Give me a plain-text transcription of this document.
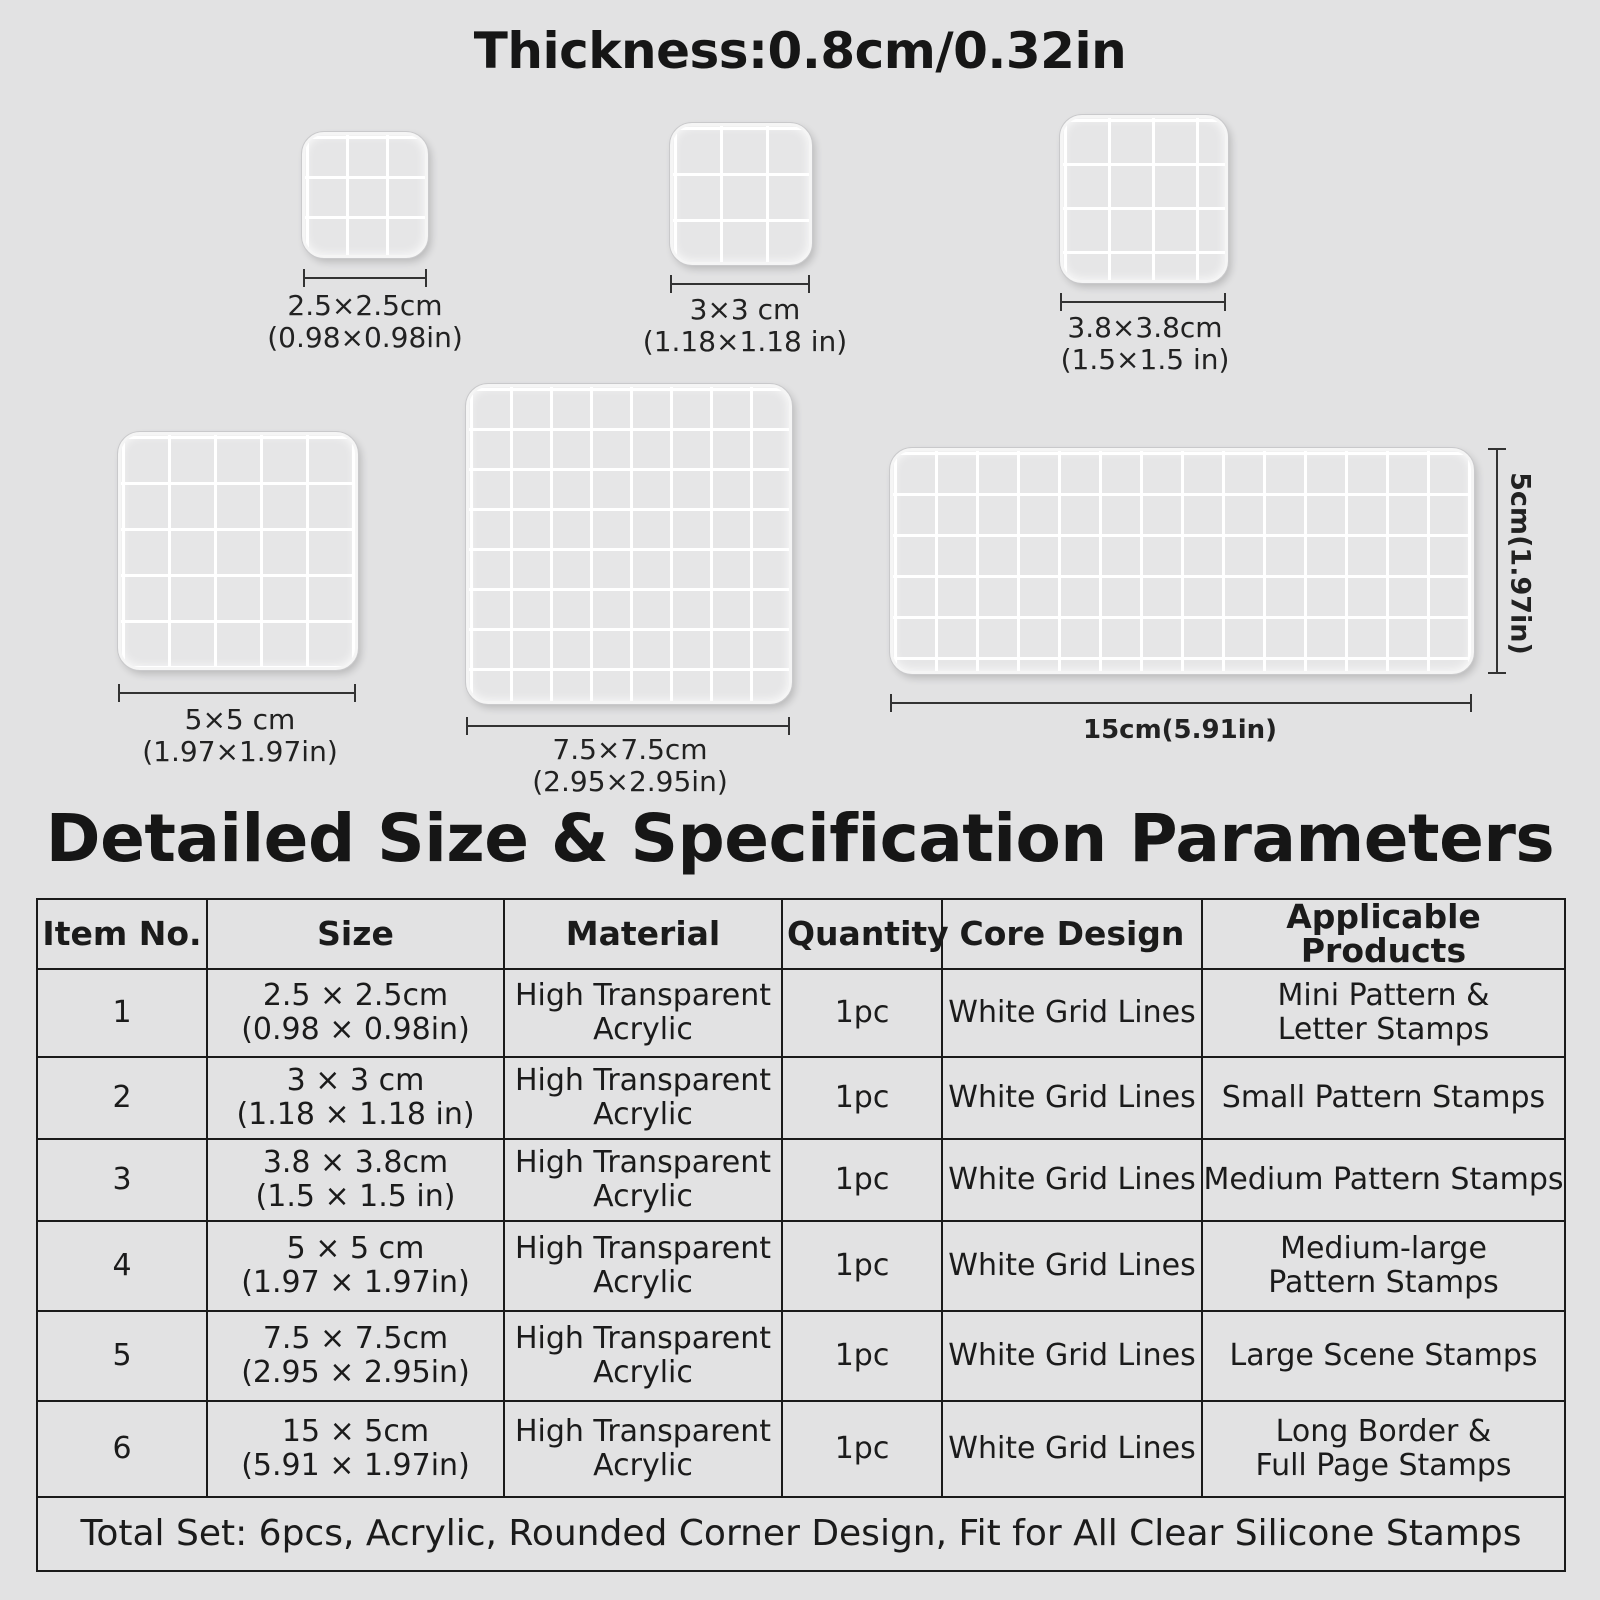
Thickness:0.8cm/0.32in
2.5×2.5cm
(0.98×0.98in)
3×3 cm
(1.18×1.18 in)	3.8×3.8cm
(1.5×1.5 in)
5×5 cm
(1.97×1.97in)	7.5×7.5cm
(2.95×2.95in)
15cm(5.91in)
5cm(1.97in)
Detailed Size & Specification Parameters
Item No.	Size	Material	Quantity	Core Design	Applicable Products
1	2.5 × 2.5cm
(0.98 × 0.98in)	High Transparent
Acrylic	1pc	White Grid Lines	Mini Pattern &
Letter Stamps

2	3 × 3 cm
(1.18 × 1.18 in)	High Transparent
Acrylic	1pc	White Grid Lines	Small Pattern Stamps

3	3.8 × 3.8cm
(1.5 × 1.5 in)	High Transparent
Acrylic	1pc	White Grid Lines	Medium Pattern Stamps

4	5 × 5 cm
(1.97 × 1.97in)	High Transparent
Acrylic	1pc	White Grid Lines	Medium-large
Pattern Stamps

5	7.5 × 7.5cm
(2.95 × 2.95in)	High Transparent
Acrylic	1pc	White Grid Lines	Large Scene Stamps

6	15 × 5cm
(5.91 × 1.97in)	High Transparent
Acrylic	1pc	White Grid Lines	Long Border &
Full Page Stamps

Total Set: 6pcs, Acrylic, Rounded Corner Design, Fit for All Clear Silicone Stamps					
